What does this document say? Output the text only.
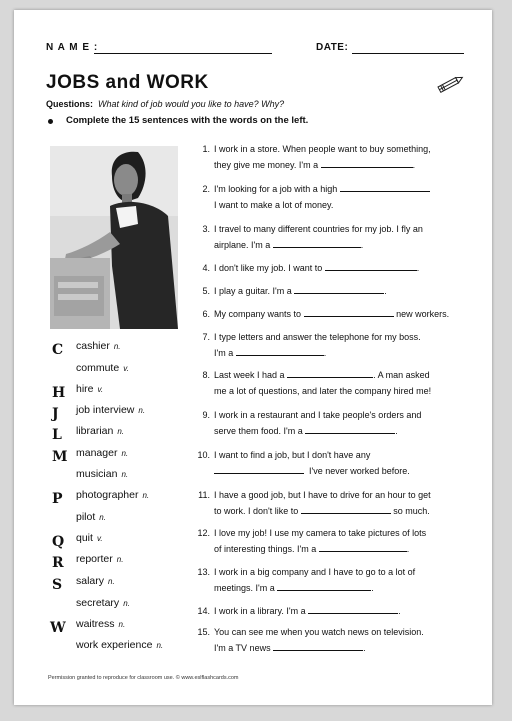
N A M E :	DATE:
JOBS and WORK
Questions: What kind of job would you like to have? Why?
Complete the 15 sentences with the words on the left.
C cashier n.
commute v.
H hire v.
J job interview n.
L librarian n.
M manager n.
musician n.
P photographer n.
pilot n.
Q quit v.
R reporter n.
S salary n.
secretary n.
W waitress n.
work experience n.
1. I work in a store. When people want to buy something,
they give me money. I'm a	.
2. I'm looking for a job with a high
I want to make a lot of money.
3. I travel to many different countries for my job. I fly an
airplane. I'm a	.
4. I don't like my job. I want to	.
5. I play a guitar. I'm a	.
6. My company wants to	new workers.
7. I type letters and answer the telephone for my boss.
I'm a	.
8. Last week I had a	. A man asked
me a lot of questions, and later the company hired me!
9. I work in a restaurant and I take people's orders and
serve them food. I'm a	.
10. I want to find a job, but I don't have any
I've never worked before.
11. I have a good job, but I have to drive for an hour to get
to work. I don't like to	so much.
12. I love my job! I use my camera to take pictures of lots
of interesting things. I'm a	.
13. I work in a big company and I have to go to a lot of
meetings. I'm a	.
14. I work in a library. I'm a	.
15. You can see me when you watch news on television.
I'm a TV news	.
Permission granted to reproduce for classroom use. © www.eslflashcards.com
